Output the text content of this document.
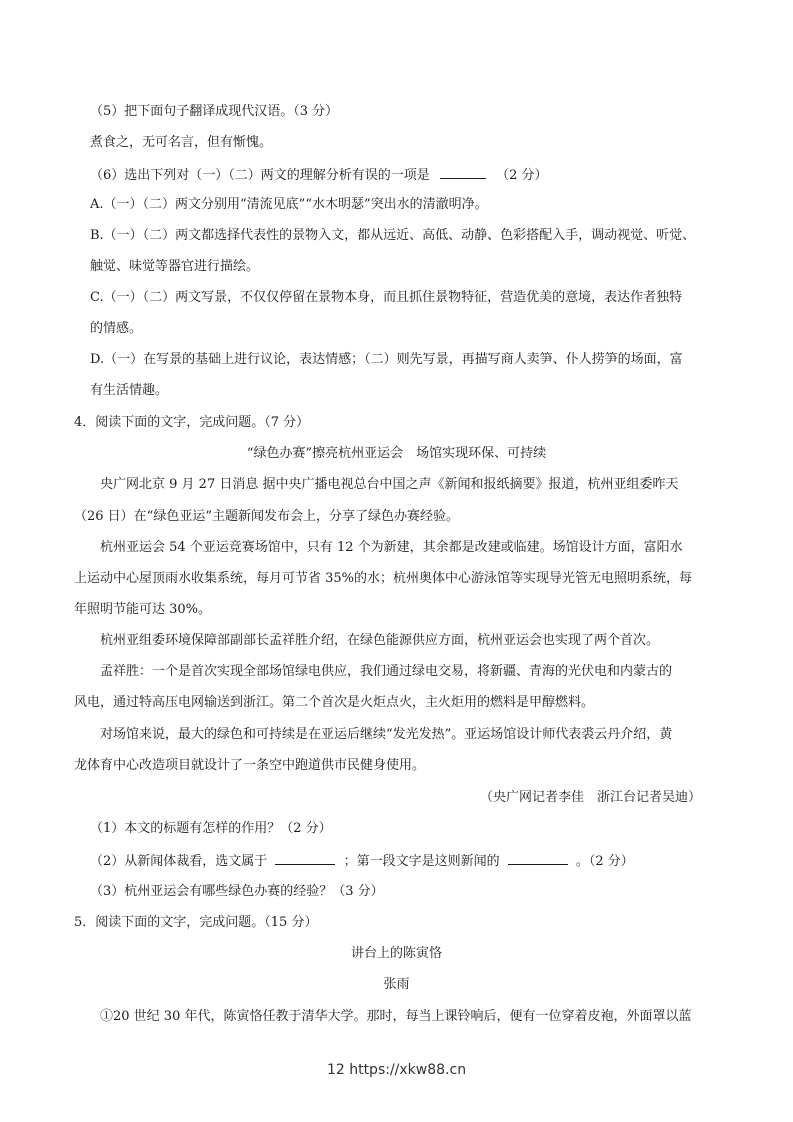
（5）把下面句子翻译成现代汉语。（3 分）
煮食之，无可名言，但有惭愧。
（6）选出下列对（一）（二）两文的理解分析有误的一项是	（2 分）
A.（一）（二）两文分别用“清流见底”“水木明瑟”突出水的清澈明净。
B.（一）（二）两文都选择代表性的景物入文，都从远近、高低、动静、色彩搭配入手，调动视觉、听觉、
触觉、味觉等器官进行描绘。
C.（一）（二）两文写景，不仅仅停留在景物本身，而且抓住景物特征，营造优美的意境，表达作者独特
的情感。
D.（一）在写景的基础上进行议论，表达情感；（二）则先写景，再描写商人卖笋、仆人捞笋的场面，富
有生活情趣。
4．阅读下面的文字，完成问题。（7 分）
“绿色办赛”擦亮杭州亚运会　场馆实现环保、可持续
央广网北京 9 月 27 日消息 据中央广播电视总台中国之声《新闻和报纸摘要》报道，杭州亚组委昨天
（26 日）在“绿色亚运”主题新闻发布会上，分享了绿色办赛经验。
杭州亚运会 54 个亚运竞赛场馆中，只有 12 个为新建，其余都是改建或临建。场馆设计方面，富阳水
上运动中心屋顶雨水收集系统，每月可节省 35%的水；杭州奥体中心游泳馆等实现导光管无电照明系统，每
年照明节能可达 30%。
杭州亚组委环境保障部副部长孟祥胜介绍，在绿色能源供应方面，杭州亚运会也实现了两个首次。
孟祥胜：一个是首次实现全部场馆绿电供应，我们通过绿电交易，将新疆、青海的光伏电和内蒙古的
风电，通过特高压电网输送到浙江。第二个首次是火炬点火，主火炬用的燃料是甲醇燃料。
对场馆来说，最大的绿色和可持续是在亚运后继续“发光发热”。亚运场馆设计师代表裘云丹介绍，黄
龙体育中心改造项目就设计了一条空中跑道供市民健身使用。
（央广网记者李佳　浙江台记者吴迪）
（1）本文的标题有怎样的作用？（2 分）
（2）从新闻体裁看，选文属于	；第一段文字是这则新闻的	。（2 分）
（3）杭州亚运会有哪些绿色办赛的经验？（3 分）
5．阅读下面的文字，完成问题。（15 分）
讲台上的陈寅恪
张雨
①20 世纪 30 年代，陈寅恪任教于清华大学。那时，每当上课铃响后，便有一位穿着皮袍，外面罩以蓝
12 https://xkw88.cn
